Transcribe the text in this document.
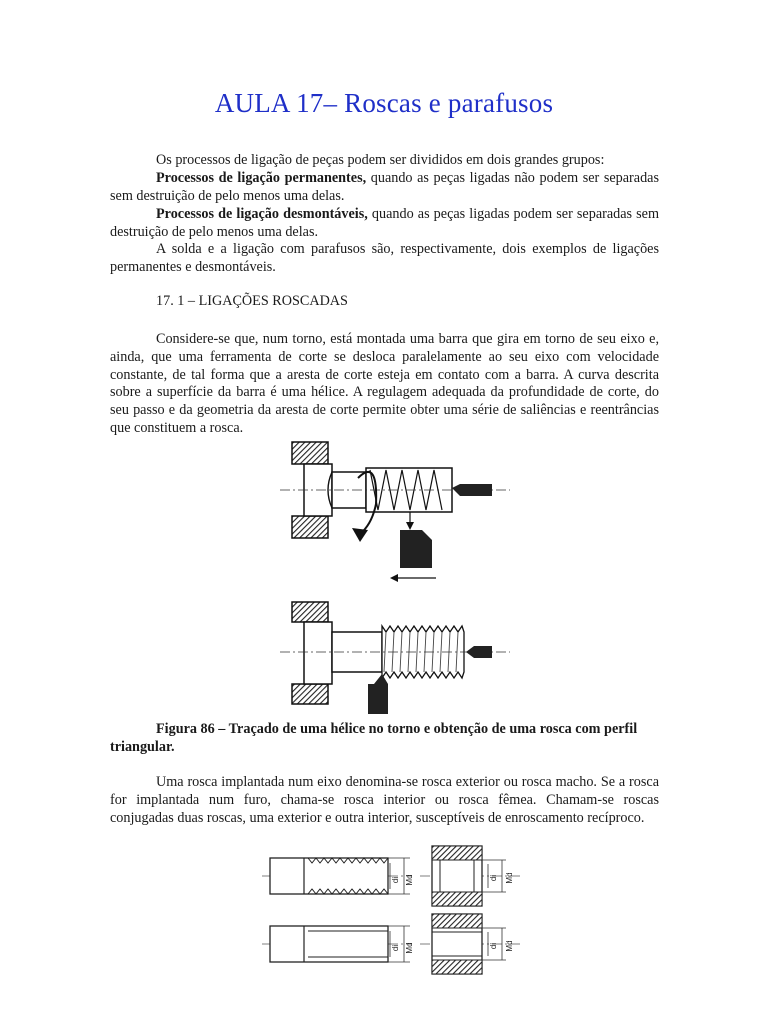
AULA 17– Roscas e parafusos

Os processos de ligação de peças podem ser divididos em dois grandes grupos:

Processos de ligação permanentes, quando as peças ligadas não podem ser separadas sem destruição de pelo menos uma delas.

Processos de ligação desmontáveis, quando as peças ligadas podem ser separadas sem destruição de pelo menos uma delas.

A solda e a ligação com parafusos são, respectivamente, dois exemplos de ligações permanentes e desmontáveis.

17. 1 – LIGAÇÕES ROSCADAS

Considere-se que, num torno, está montada uma barra que gira em torno de seu eixo e, ainda, que uma ferramenta de corte se desloca paralelamente ao seu eixo com velocidade constante, de tal forma que a aresta de corte esteja em contato com a barra. A curva descrita sobre a superfície da barra é uma hélice. A regulagem adequada da profundidade de corte, do seu passo e da geometria da aresta de corte permite obter uma série de saliências e reentrâncias que constituem a rosca.

Figura 86 – Traçado de uma hélice no torno e obtenção de uma rosca com perfil triangular.

Uma rosca implantada num eixo denomina-se rosca exterior ou rosca macho. Se a rosca for implantada num furo, chama-se rosca interior ou rosca fêmea. Chamam-se roscas conjugadas duas roscas, uma exterior e outra interior, susceptíveis de enroscamento recíproco.

di Md	di Md
di Md	di Md
